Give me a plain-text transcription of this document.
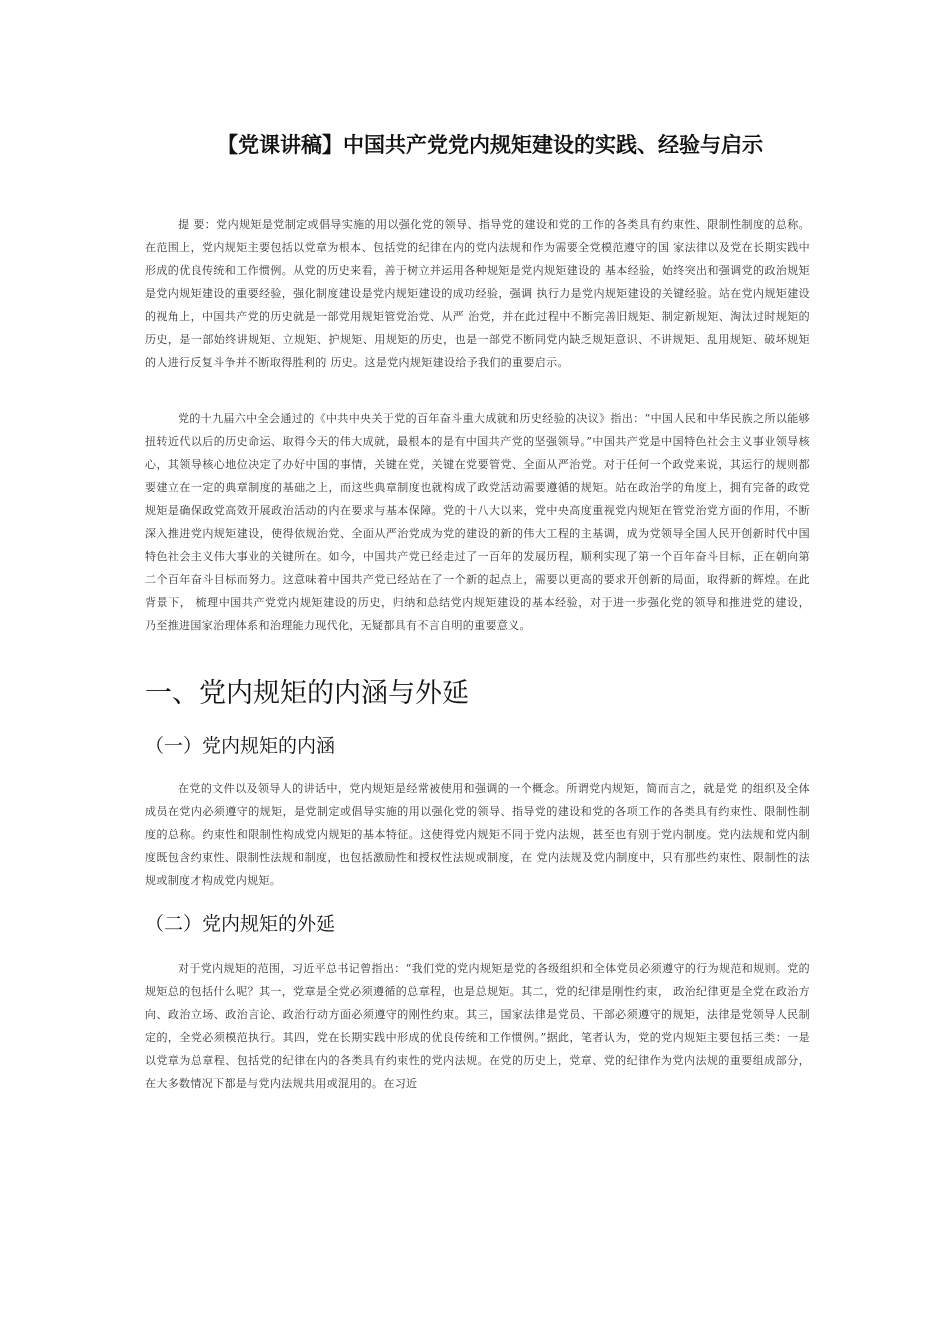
【党课讲稿】中国共产党党内规矩建设的实践、经验与启示

提 要：党内规矩是党制定或倡导实施的用以强化党的领导、指导党的建设和党的工作的各类具有约束性、限制性制度的总称。在范围上，党内规矩主要包括以党章为根本、包括党的纪律在内的党内法规和作为需要全党模范遵守的国 家法律以及党在长期实践中形成的优良传统和工作惯例。从党的历史来看，善于树立并运用各种规矩是党内规矩建设的 基本经验，始终突出和强调党的政治规矩是党内规矩建设的重要经验，强化制度建设是党内规矩建设的成功经验，强调 执行力是党内规矩建设的关键经验。站在党内规矩建设的视角上，中国共产党的历史就是一部党用规矩管党治党、从严 治党，并在此过程中不断完善旧规矩、制定新规矩、淘汰过时规矩的历史，是一部始终讲规矩、立规矩、护规矩、用规矩的历史，也是一部党不断同党内缺乏规矩意识、不讲规矩、乱用规矩、破坏规矩的人进行反复斗争并不断取得胜利的 历史。这是党内规矩建设给予我们的重要启示。

党的十九届六中全会通过的《中共中央关于党的百年奋斗重大成就和历史经验的决议》指出：“中国人民和中华民族之所以能够扭转近代以后的历史命运、取得今天的伟大成就，最根本的是有中国共产党的坚强领导。”中国共产党是中国特色社会主义事业领导核心，其领导核心地位决定了办好中国的事情，关键在党，关键在党要管党、全面从严治党。对于任何一个政党来说，其运行的规则都要建立在一定的典章制度的基础之上，而这些典章制度也就构成了政党活动需要遵循的规矩。站在政治学的角度上，拥有完备的政党规矩是确保政党高效开展政治活动的内在要求与基本保障。党的十八大以来，党中央高度重视党内规矩在管党治党方面的作用，不断深入推进党内规矩建设，使得依规治党、全面从严治党成为党的建设的新的伟大工程的主基调，成为党领导全国人民开创新时代中国特色社会主义伟大事业的关键所在。如今，中国共产党已经走过了一百年的发展历程，顺利实现了第一个百年奋斗目标，正在朝向第二个百年奋斗目标而努力。这意味着中国共产党已经站在了一个新的起点上，需要以更高的要求开创新的局面，取得新的辉煌。在此背景下， 梳理中国共产党党内规矩建设的历史，归纳和总结党内规矩建设的基本经验，对于进一步强化党的领导和推进党的建设， 乃至推进国家治理体系和治理能力现代化，无疑都具有不言自明的重要意义。

一、党内规矩的内涵与外延
（一）党内规矩的内涵

在党的文件以及领导人的讲话中，党内规矩是经常被使用和强调的一个概念。所谓党内规矩，简而言之，就是党 的组织及全体成员在党内必须遵守的规矩，是党制定或倡导实施的用以强化党的领导、指导党的建设和党的各项工作的各类具有约束性、限制性制度的总称。约束性和限制性构成党内规矩的基本特征。这使得党内规矩不同于党内法规，甚至也有别于党内制度。党内法规和党内制度既包含约束性、限制性法规和制度，也包括激励性和授权性法规或制度，在 党内法规及党内制度中，只有那些约束性、限制性的法规或制度才构成党内规矩。

（二）党内规矩的外延

对于党内规矩的范围，习近平总书记曾指出：“我们党的党内规矩是党的各级组织和全体党员必须遵守的行为规范和规则。党的规矩总的包括什么呢？其一，党章是全党必须遵循的总章程，也是总规矩。其二，党的纪律是刚性约束， 政治纪律更是全党在政治方向、政治立场、政治言论、政治行动方面必须遵守的刚性约束。其三，国家法律是党员、干部必须遵守的规矩，法律是党领导人民制定的，全党必须模范执行。其四，党在长期实践中形成的优良传统和工作惯例。”据此，笔者认为，党的党内规矩主要包括三类：一是以党章为总章程、包括党的纪律在内的各类具有约束性的党内法规。在党的历史上，党章、党的纪律作为党内法规的重要组成部分，在大多数情况下都是与党内法规共用或混用的。在习近
